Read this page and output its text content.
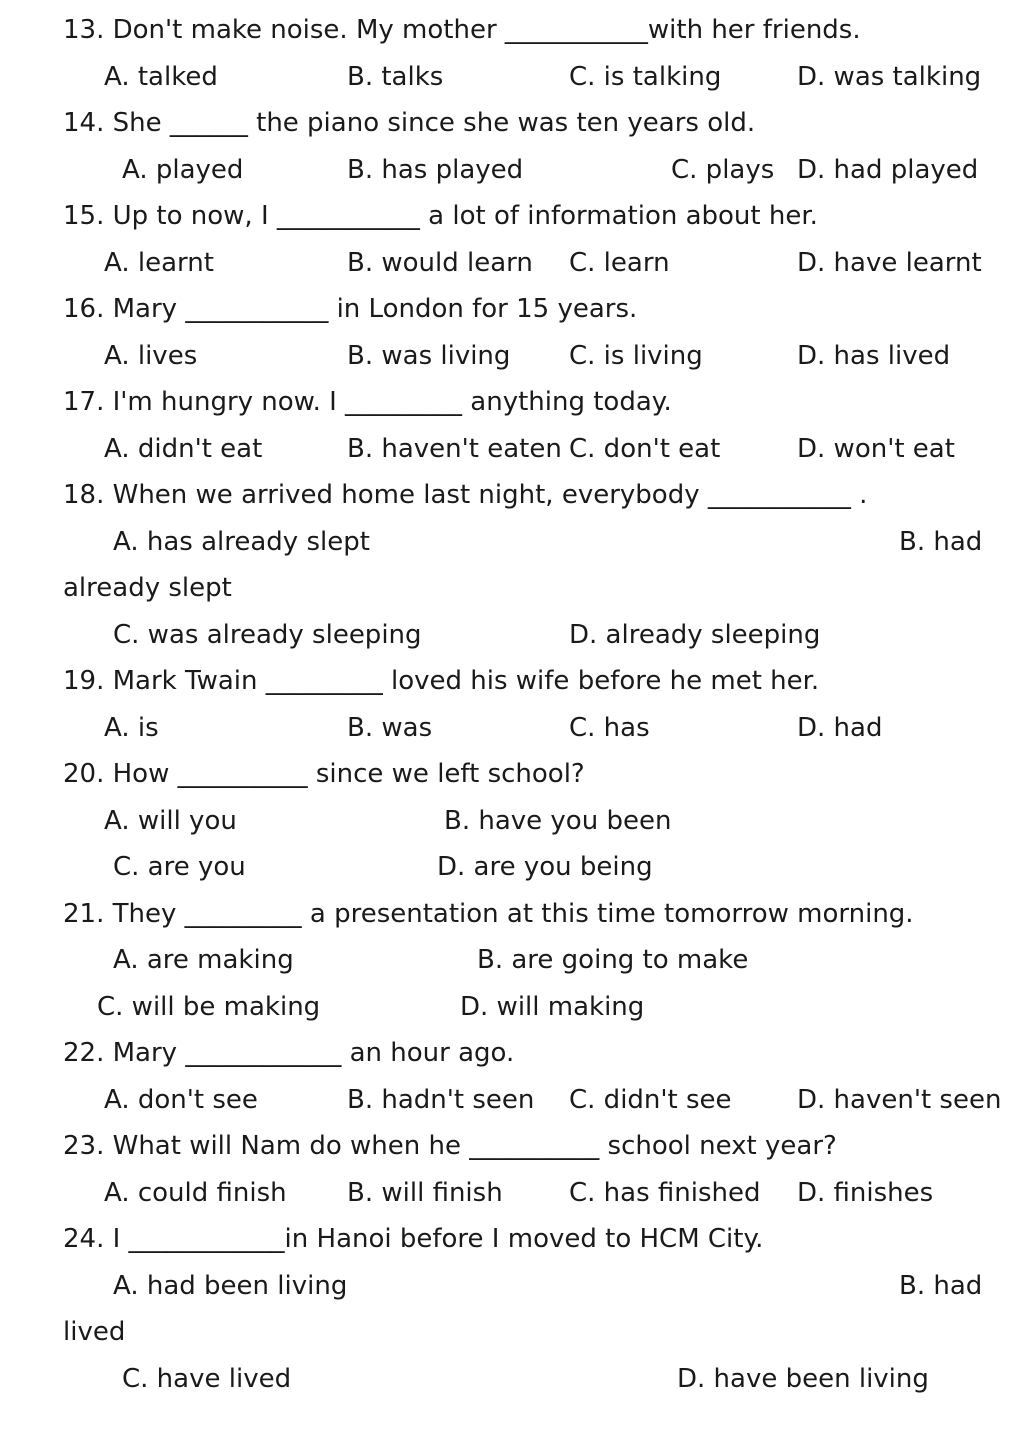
13. Don't make noise. My mother ___________with her friends.
A. talked	B. talks	C. is talking	D. was talking
14. She ______ the piano since she was ten years old.
A. played	B. has played	C. plays D. had played
15. Up to now, I ___________ a lot of information about her.
A. learnt	B. would learn C. learn	D. have learnt
16. Mary ___________ in London for 15 years.
A. lives	B. was living C. is living	D. has lived
17. I'm hungry now. I _________ anything today.
A. didn't eat	B. haven't eaten C. don't eat	D. won't eat
18. When we arrived home last night, everybody ___________ .
A. has already slept	B. had
already slept
C. was already sleeping	D. already sleeping
19. Mark Twain _________ loved his wife before he met her.
A. is	B. was	C. has	D. had
20. How __________ since we left school?
A. will you	B. have you been
C. are you	D. are you being
21. They _________ a presentation at this time tomorrow morning.
A. are making	B. are going to make
C. will be making	D. will making
22. Mary ____________ an hour ago.
A. don't see	B. hadn't seen C. didn't see	D. haven't seen
23. What will Nam do when he __________ school next year?
A. could finish B. will finish	C. has finished D. finishes
24. I ____________in Hanoi before I moved to HCM City.
A. had been living	B. had
lived
C. have lived	D. have been living
